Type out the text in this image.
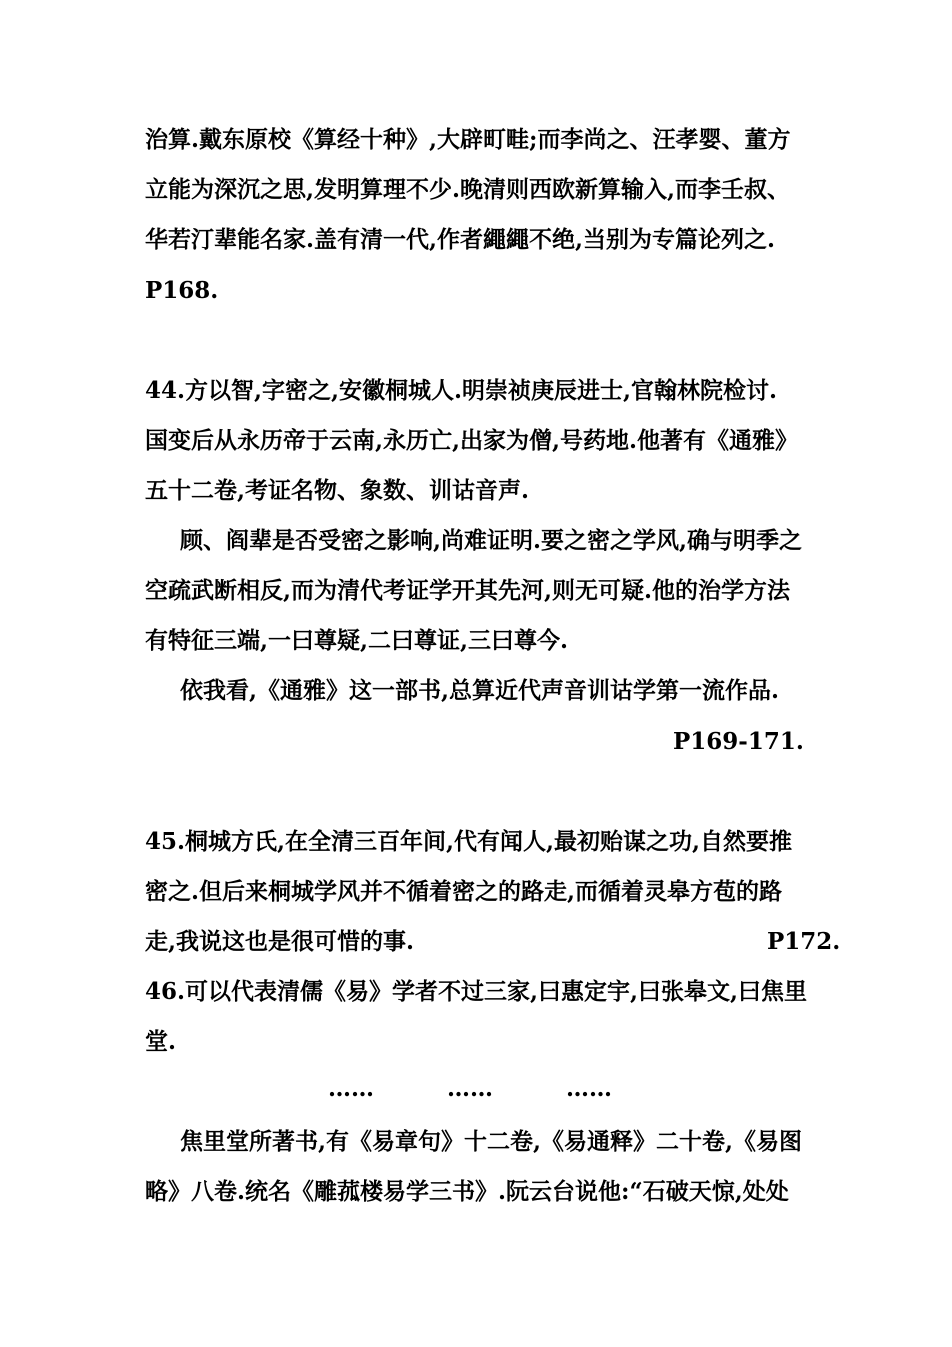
治算.戴东原校《算经十种》,大辟町畦;而李尚之、汪孝婴、董方
立能为深沉之思,发明算理不少.晚清则西欧新算输入,而李壬叔、
华若汀辈能名家.盖有清一代,作者繩繩不绝,当别为专篇论列之.
P168.
44.方以智,字密之,安徽桐城人.明崇祯庚辰进士,官翰林院检讨.
国变后从永历帝于云南,永历亡,出家为僧,号药地.他著有《通雅》
五十二卷,考证名物、象数、训诂音声.
顾、阎辈是否受密之影响,尚难证明.要之密之学风,确与明季之
空疏武断相反,而为清代考证学开其先河,则无可疑.他的治学方法
有特征三端,一曰尊疑,二曰尊证,三曰尊今.
依我看,《通雅》这一部书,总算近代声音训诂学第一流作品.
P169-171.
45.桐城方氏,在全清三百年间,代有闻人,最初贻谋之功,自然要推
密之.但后来桐城学风并不循着密之的路走,而循着灵皋方苞的路
走,我说这也是很可惜的事.	P172.
46.可以代表清儒《易》学者不过三家,曰惠定宇,曰张皋文,曰焦里
堂.
……	……	……
焦里堂所著书,有《易章句》十二卷,《易通释》二十卷,《易图
略》八卷.统名《雕菰楼易学三书》.阮云台说他:“石破天惊,处处
